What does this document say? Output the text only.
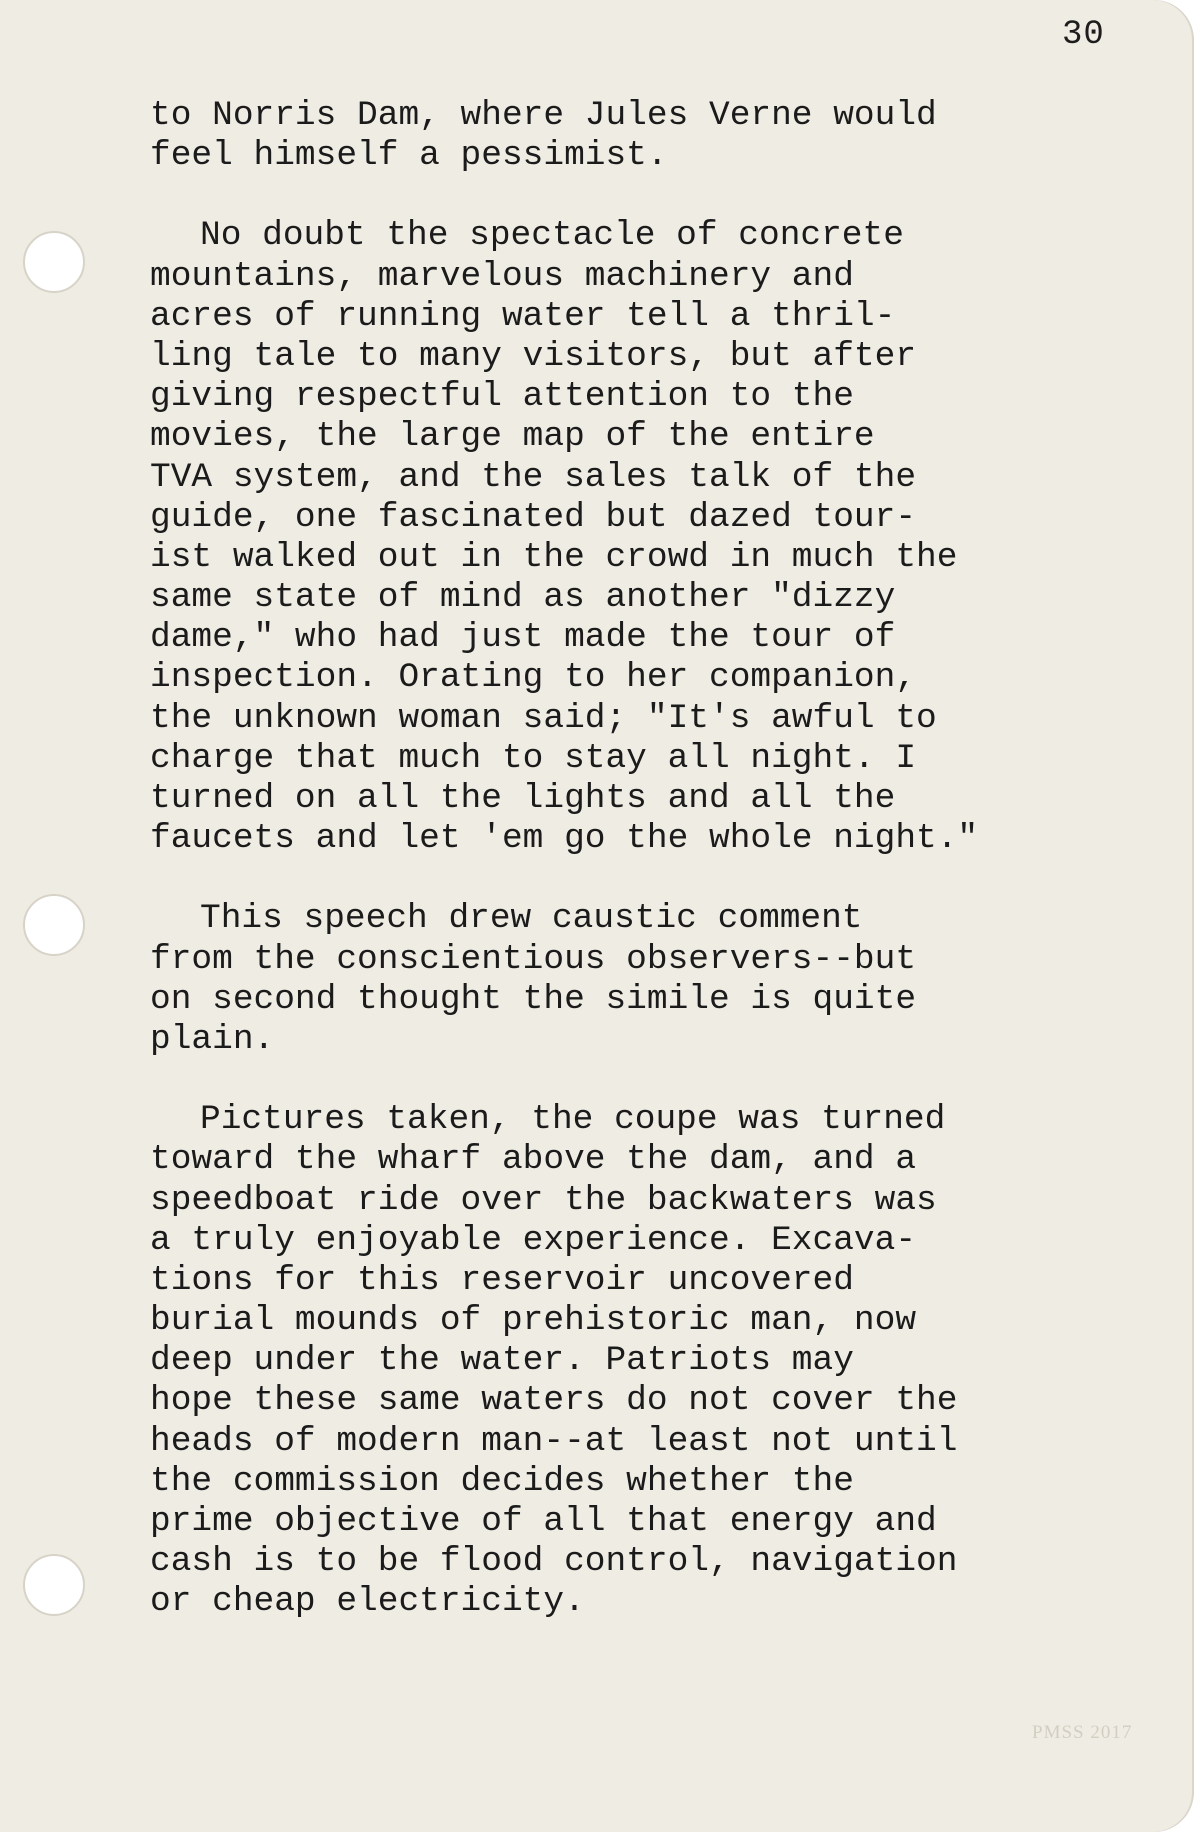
30
to Norris Dam, where Jules Verne would
feel himself a pessimist.
No doubt the spectacle of concrete
mountains, marvelous machinery and
acres of running water tell a thril-
ling tale to many visitors, but after
giving respectful attention to the
movies, the large map of the entire
TVA system, and the sales talk of the
guide, one fascinated but dazed tour-
ist walked out in the crowd in much the
same state of mind as another "dizzy
dame," who had just made the tour of
inspection. Orating to her companion,
the unknown woman said; "It's awful to
charge that much to stay all night. I
turned on all the lights and all the
faucets and let 'em go the whole night."
This speech drew caustic comment
from the conscientious observers--but
on second thought the simile is quite
plain.
Pictures taken, the coupe was turned
toward the wharf above the dam, and a
speedboat ride over the backwaters was
a truly enjoyable experience. Excava-
tions for this reservoir uncovered
burial mounds of prehistoric man, now
deep under the water. Patriots may
hope these same waters do not cover the
heads of modern man--at least not until
the commission decides whether the
prime objective of all that energy and
cash is to be flood control, navigation
or cheap electricity.
PMSS 2017
